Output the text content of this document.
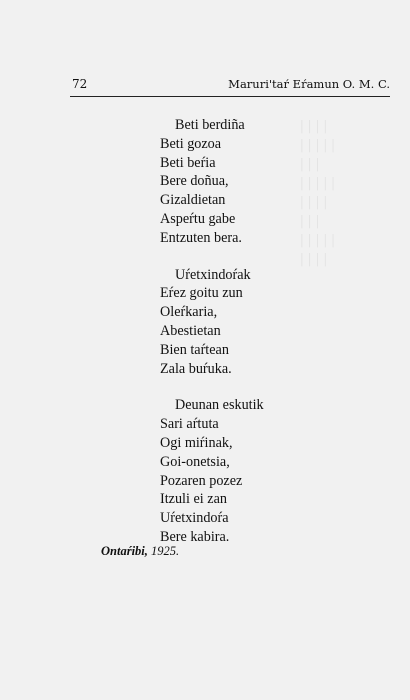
││││
│││││
│││
│││││
││││
│││
│││││
││││
72	Maruri'taŕ Eŕamun O. M. C.
Beti berdiña
Beti gozoa
Beti beŕia
Bere doñua,
Gizaldietan
Aspeŕtu gabe
Entzuten bera.
Uŕetxindoŕak
Eŕez goitu zun
Oleŕkaria,
Abestietan
Bien taŕtean
Zala buŕuka.
Deunan eskutik
Sari aŕtuta
Ogi miŕinak,
Goi-onetsia,
Pozaren pozez
Itzuli ei zan
Uŕetxindoŕa
Bere kabira.
Ontaŕibi, 1925.
